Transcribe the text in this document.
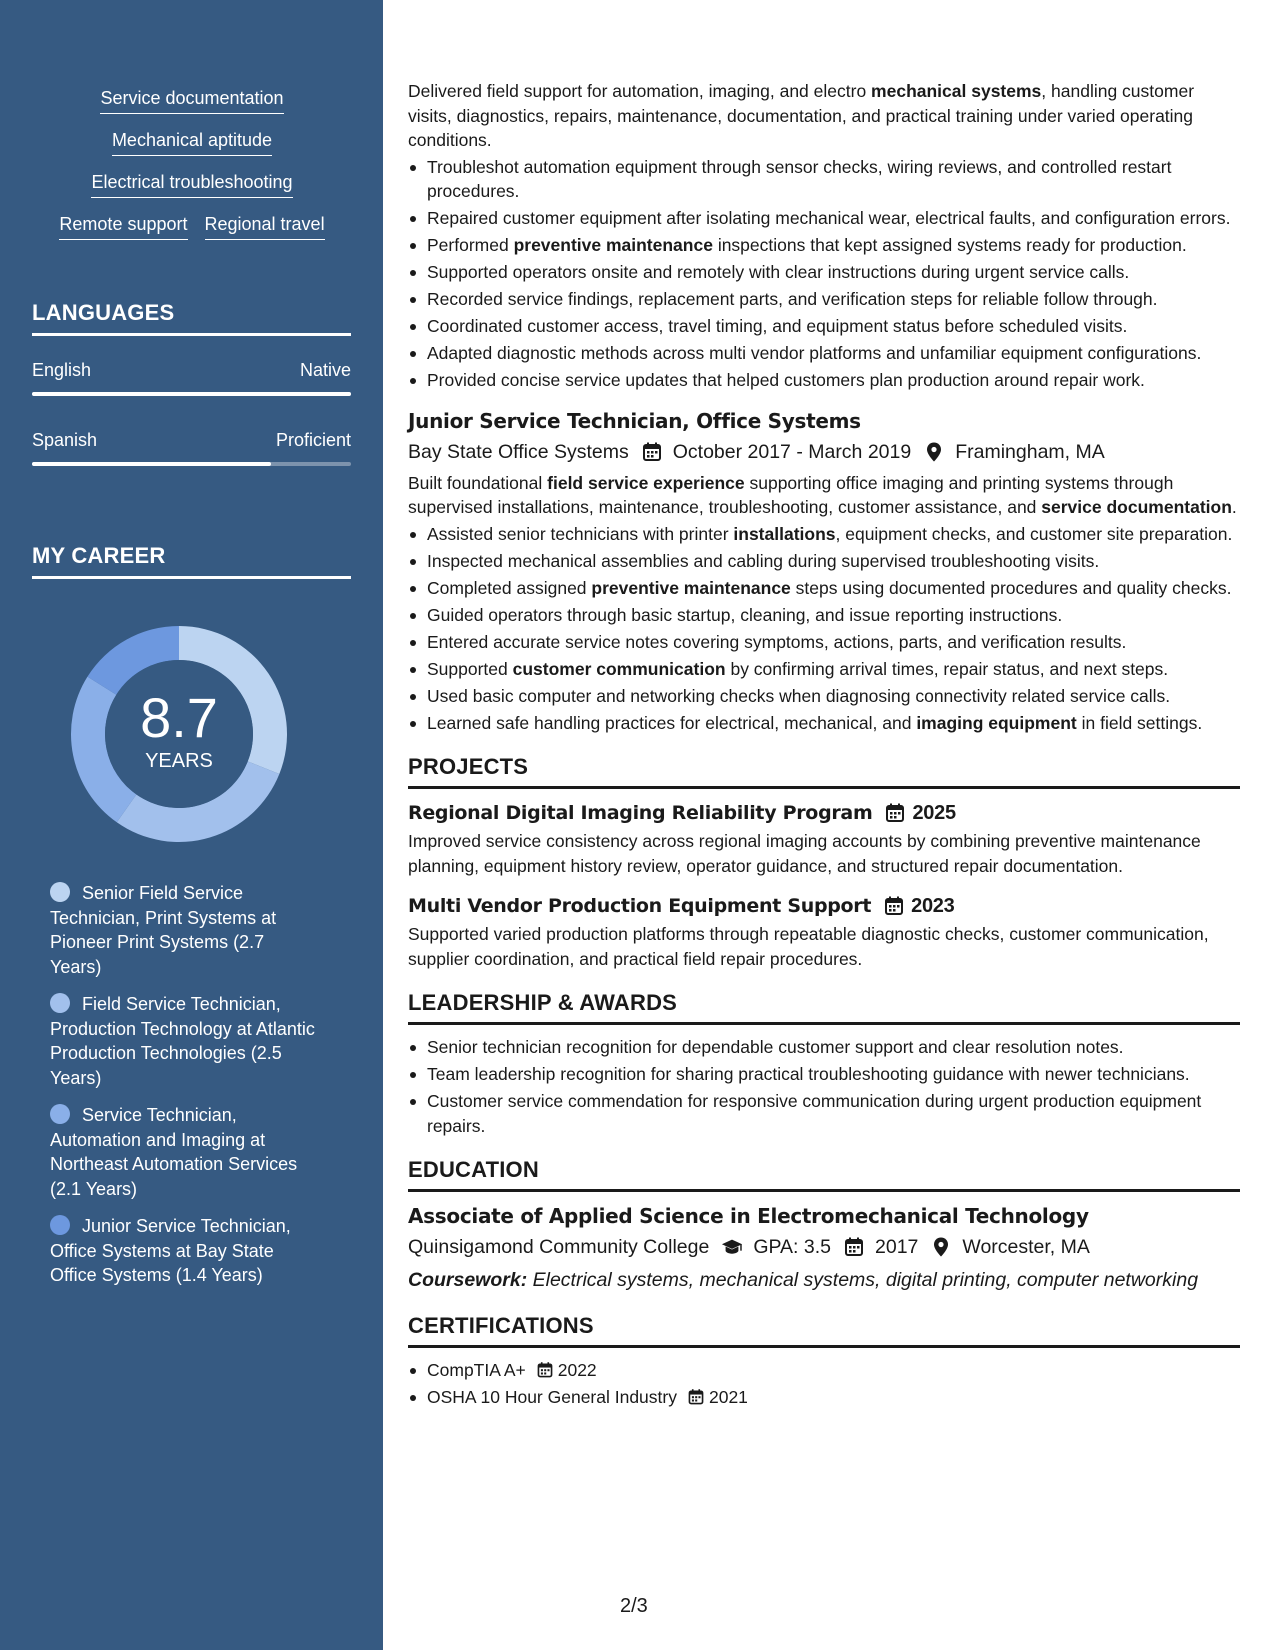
Service documentation
Mechanical aptitude
Electrical troubleshooting
Remote support Regional travel
LANGUAGES
English	Native
Spanish	Proficient
MY CAREER
8.7
YEARS
Senior Field Service Technician, Print Systems at Pioneer Print Systems (2.7 Years)
Field Service Technician, Production Technology at Atlantic Production Technologies (2.5 Years)
Service Technician, Automation and Imaging at Northeast Automation Services (2.1 Years)
Junior Service Technician, Office Systems at Bay State Office Systems (1.4 Years)

Delivered field support for automation, imaging, and electro mechanical systems, handling customer visits, diagnostics, repairs, maintenance, documentation, and practical training under varied operating conditions.

Troubleshot automation equipment through sensor checks, wiring reviews, and controlled restart procedures.
Repaired customer equipment after isolating mechanical wear, electrical faults, and configuration errors.
Performed preventive maintenance inspections that kept assigned systems ready for production.
Supported operators onsite and remotely with clear instructions during urgent service calls.
Recorded service findings, replacement parts, and verification steps for reliable follow through.
Coordinated customer access, travel timing, and equipment status before scheduled visits.
Adapted diagnostic methods across multi vendor platforms and unfamiliar equipment configurations.
Provided concise service updates that helped customers plan production around repair work.
Junior Service Technician, Office Systems
Bay State Office Systems October 2017 - March 2019 Framingham, MA

Built foundational field service experience supporting office imaging and printing systems through supervised installations, maintenance, troubleshooting, customer assistance, and service documentation.

Assisted senior technicians with printer installations, equipment checks, and customer site preparation.
Inspected mechanical assemblies and cabling during supervised troubleshooting visits.
Completed assigned preventive maintenance steps using documented procedures and quality checks.
Guided operators through basic startup, cleaning, and issue reporting instructions.
Entered accurate service notes covering symptoms, actions, parts, and verification results.
Supported customer communication by confirming arrival times, repair status, and next steps.
Used basic computer and networking checks when diagnosing connectivity related service calls.
Learned safe handling practices for electrical, mechanical, and imaging equipment in field settings.
PROJECTS
Regional Digital Imaging Reliability Program 2025

Improved service consistency across regional imaging accounts by combining preventive maintenance planning, equipment history review, operator guidance, and structured repair documentation.

Multi Vendor Production Equipment Support 2023

Supported varied production platforms through repeatable diagnostic checks, customer communication, supplier coordination, and practical field repair procedures.

LEADERSHIP & AWARDS
Senior technician recognition for dependable customer support and clear resolution notes.
Team leadership recognition for sharing practical troubleshooting guidance with newer technicians.
Customer service commendation for responsive communication during urgent production equipment repairs.
EDUCATION
Associate of Applied Science in Electromechanical Technology
Quinsigamond Community College GPA: 3.5 2017 Worcester, MA

Coursework: Electrical systems, mechanical systems, digital printing, computer networking

CERTIFICATIONS
CompTIA A+ 2022
OSHA 10 Hour General Industry 2021
2/3
